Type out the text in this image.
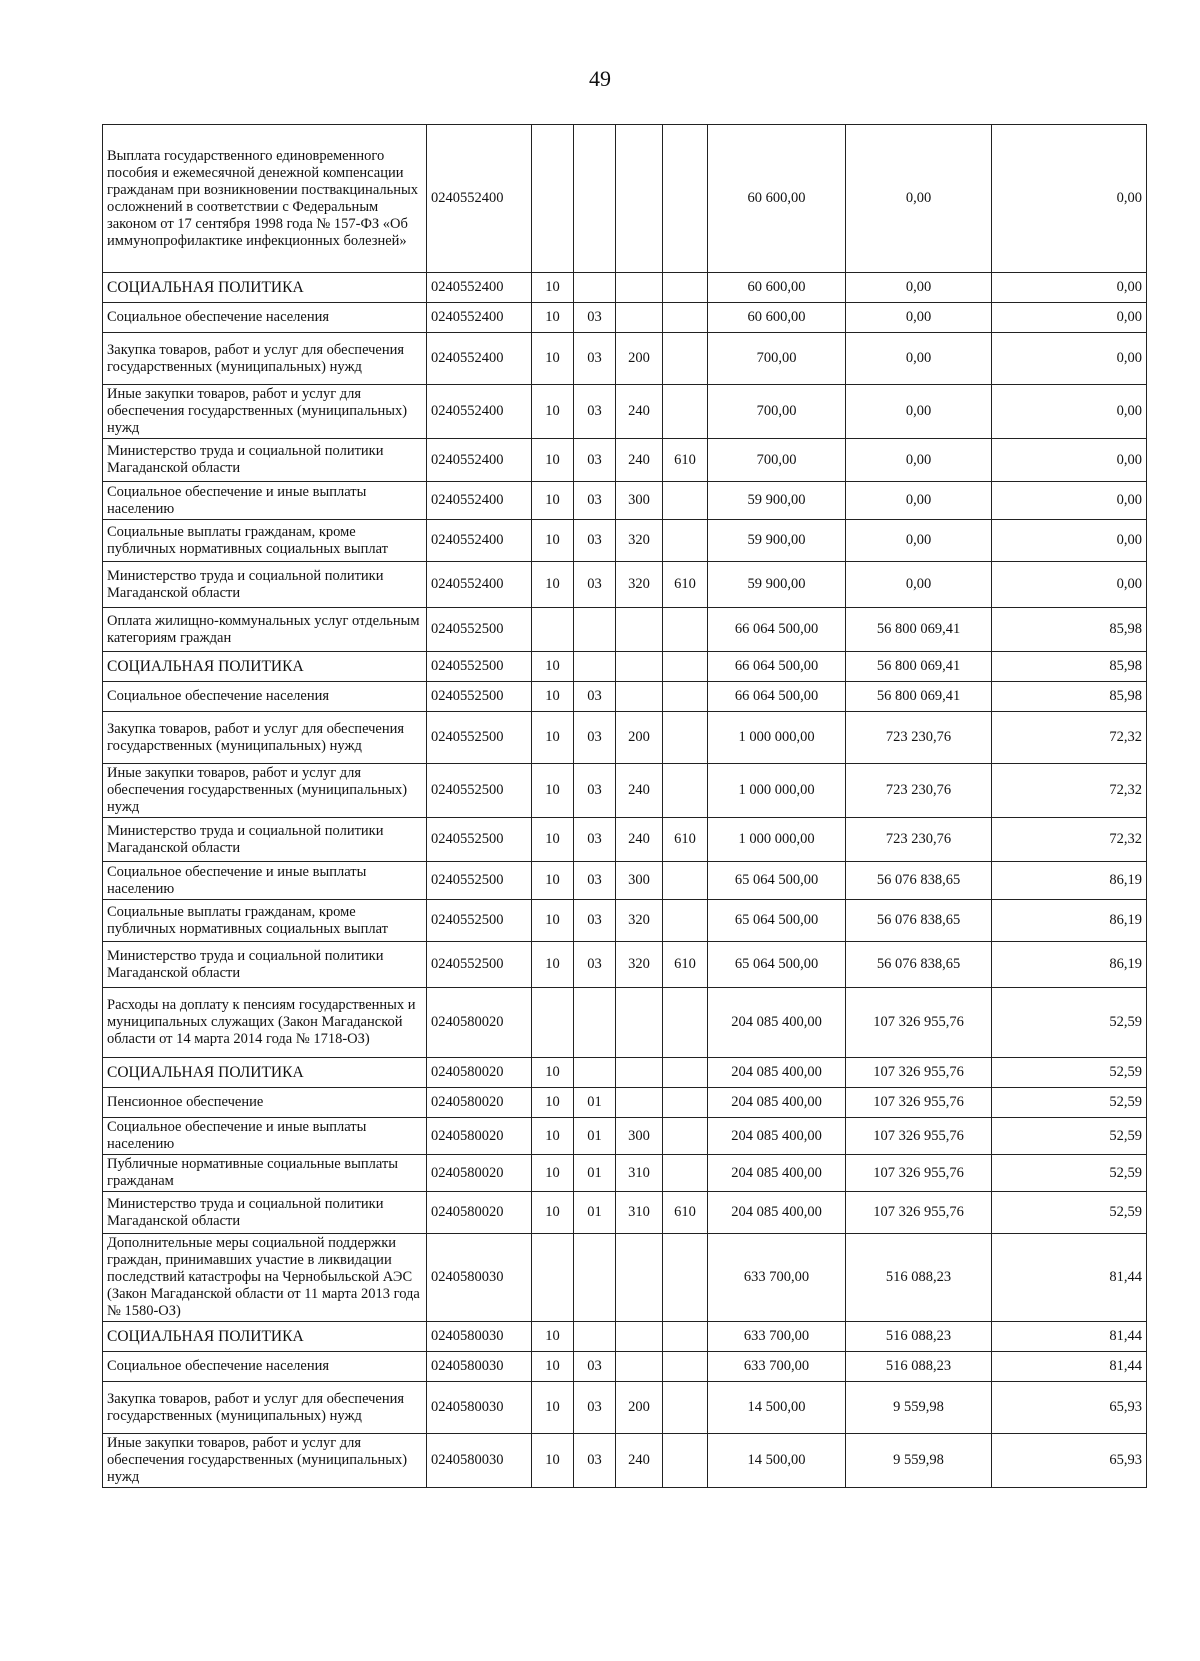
49
Выплата государственного единовременного пособия и ежемесячной денежной компенсации гражданам при возникновении поствакцинальных осложнений в соответствии с Федеральным законом от 17 сентября 1998 года № 157-ФЗ «Об иммунопрофилактике инфекционных болезней»	0240552400					60 600,00	0,00	0,00
СОЦИАЛЬНАЯ ПОЛИТИКА	0240552400	10				60 600,00	0,00	0,00
Социальное обеспечение населения	0240552400	10	03			60 600,00	0,00	0,00
Закупка товаров, работ и услуг для обеспечения государственных (муниципальных) нужд	0240552400	10	03	200		700,00	0,00	0,00
Иные закупки товаров, работ и услуг для обеспечения государственных (муниципальных) нужд	0240552400	10	03	240		700,00	0,00	0,00
Министерство труда и социальной политики Магаданской области	0240552400	10	03	240	610	700,00	0,00	0,00
Социальное обеспечение и иные выплаты населению	0240552400	10	03	300		59 900,00	0,00	0,00
Социальные выплаты гражданам, кроме публичных нормативных социальных выплат	0240552400	10	03	320		59 900,00	0,00	0,00
Министерство труда и социальной политики Магаданской области	0240552400	10	03	320	610	59 900,00	0,00	0,00
Оплата жилищно-коммунальных услуг отдельным категориям граждан	0240552500					66 064 500,00	56 800 069,41	85,98
СОЦИАЛЬНАЯ ПОЛИТИКА	0240552500	10				66 064 500,00	56 800 069,41	85,98
Социальное обеспечение населения	0240552500	10	03			66 064 500,00	56 800 069,41	85,98
Закупка товаров, работ и услуг для обеспечения государственных (муниципальных) нужд	0240552500	10	03	200		1 000 000,00	723 230,76	72,32
Иные закупки товаров, работ и услуг для обеспечения государственных (муниципальных) нужд	0240552500	10	03	240		1 000 000,00	723 230,76	72,32
Министерство труда и социальной политики Магаданской области	0240552500	10	03	240	610	1 000 000,00	723 230,76	72,32
Социальное обеспечение и иные выплаты населению	0240552500	10	03	300		65 064 500,00	56 076 838,65	86,19
Социальные выплаты гражданам, кроме публичных нормативных социальных выплат	0240552500	10	03	320		65 064 500,00	56 076 838,65	86,19
Министерство труда и социальной политики Магаданской области	0240552500	10	03	320	610	65 064 500,00	56 076 838,65	86,19
Расходы на доплату к пенсиям государственных и муниципальных служащих (Закон Магаданской области от 14 марта 2014 года № 1718-ОЗ)	0240580020					204 085 400,00	107 326 955,76	52,59
СОЦИАЛЬНАЯ ПОЛИТИКА	0240580020	10				204 085 400,00	107 326 955,76	52,59
Пенсионное обеспечение	0240580020	10	01			204 085 400,00	107 326 955,76	52,59
Социальное обеспечение и иные выплаты населению	0240580020	10	01	300		204 085 400,00	107 326 955,76	52,59
Публичные нормативные социальные выплаты гражданам	0240580020	10	01	310		204 085 400,00	107 326 955,76	52,59
Министерство труда и социальной политики Магаданской области	0240580020	10	01	310	610	204 085 400,00	107 326 955,76	52,59
Дополнительные меры социальной поддержки граждан, принимавших участие в ликвидации последствий катастрофы на Чернобыльской АЭС (Закон Магаданской области от 11 марта 2013 года № 1580-ОЗ)	0240580030					633 700,00	516 088,23	81,44
СОЦИАЛЬНАЯ ПОЛИТИКА	0240580030	10				633 700,00	516 088,23	81,44
Социальное обеспечение населения	0240580030	10	03			633 700,00	516 088,23	81,44
Закупка товаров, работ и услуг для обеспечения государственных (муниципальных) нужд	0240580030	10	03	200		14 500,00	9 559,98	65,93
Иные закупки товаров, работ и услуг для обеспечения государственных (муниципальных) нужд	0240580030	10	03	240		14 500,00	9 559,98	65,93
